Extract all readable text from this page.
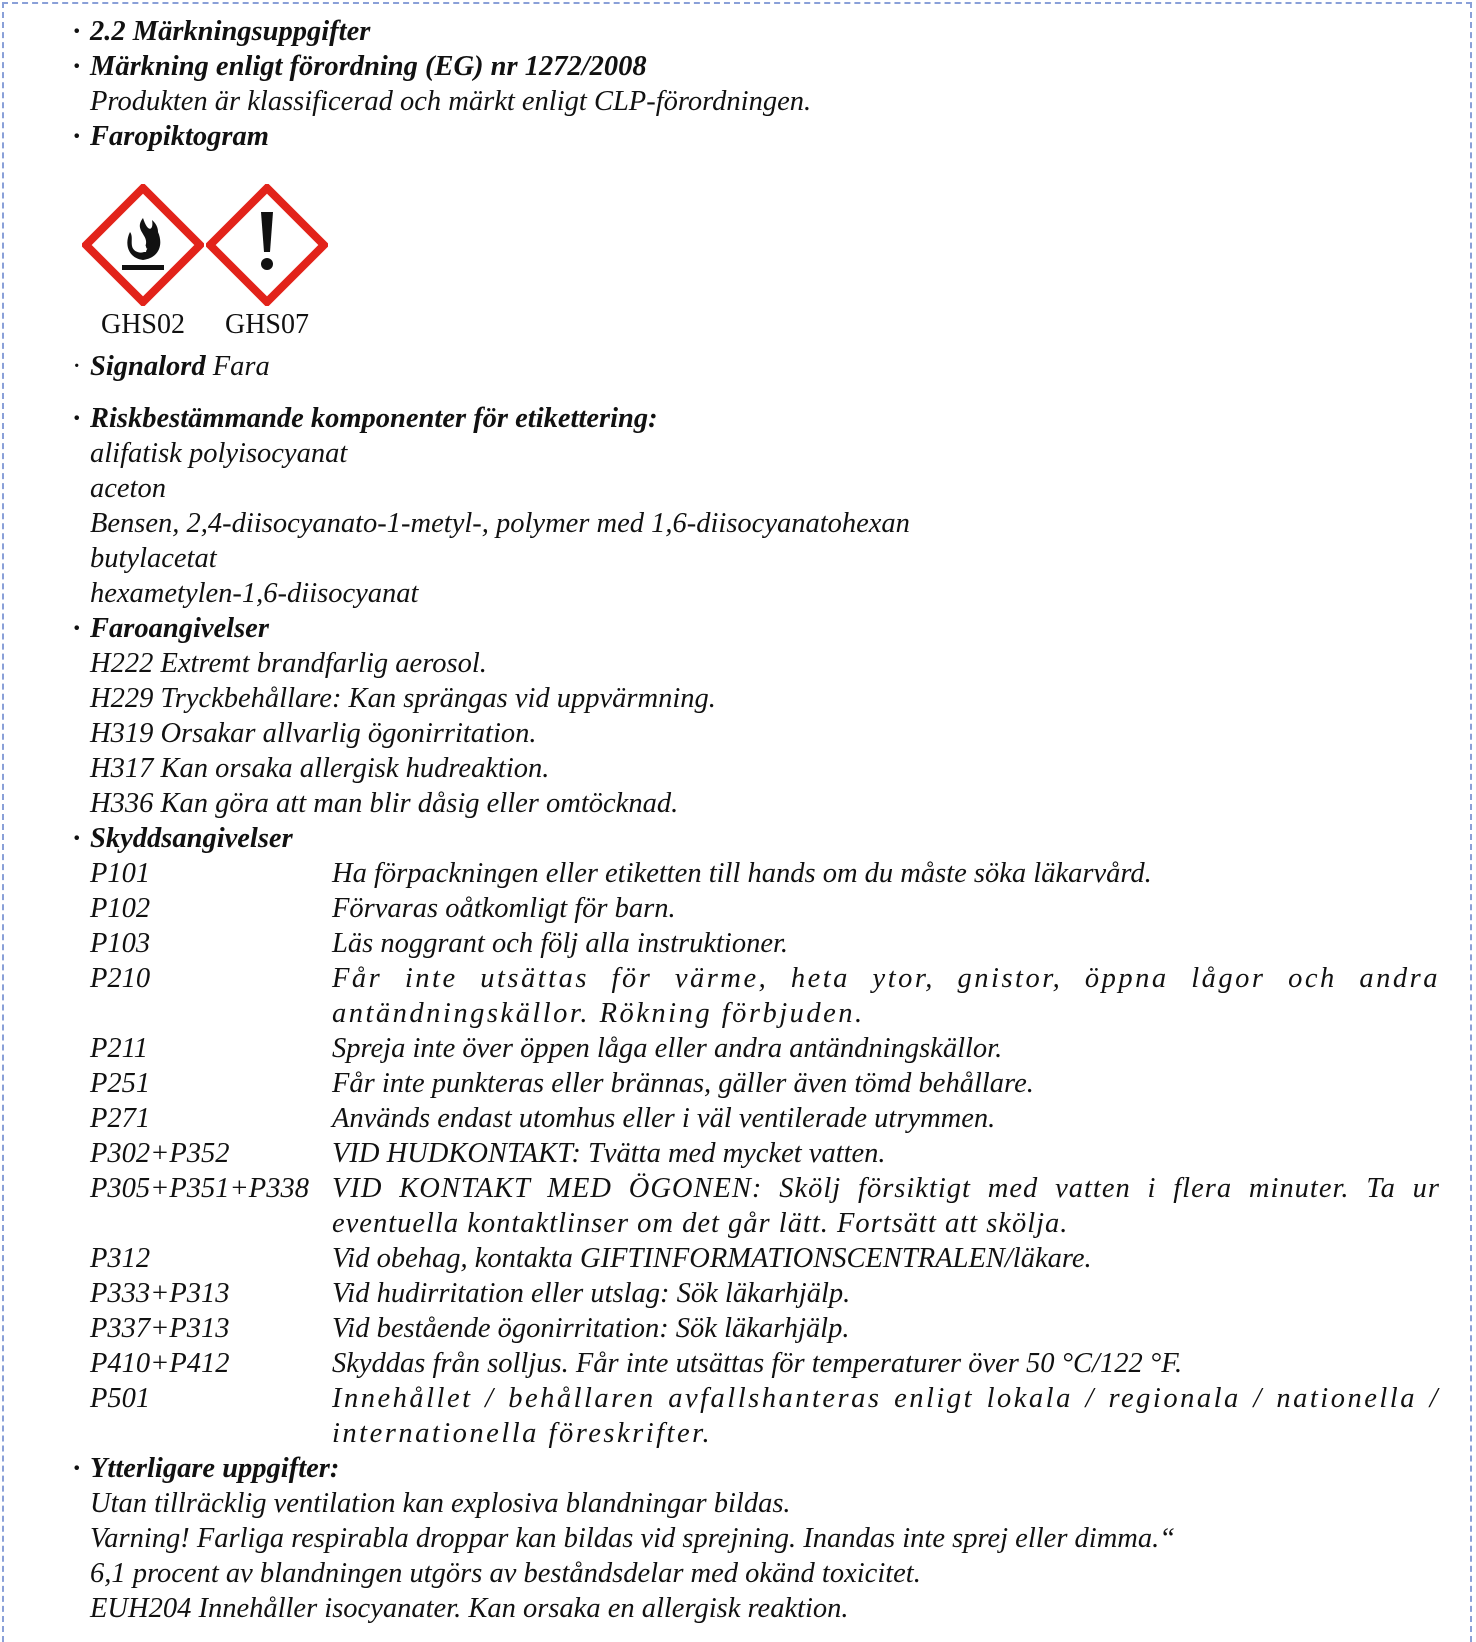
· 2.2 Märkningsuppgifter
· Märkning enligt förordning (EG) nr 1272/2008
Produkten är klassificerad och märkt enligt CLP-förordningen.
· Faropiktogram
GHS02	GHS07
· Signalord Fara
· Riskbestämmande komponenter för etikettering:
alifatisk polyisocyanat
aceton
Bensen, 2,4-diisocyanato-1-metyl-, polymer med 1,6-diisocyanatohexan
butylacetat
hexametylen-1,6-diisocyanat
· Faroangivelser
H222 Extremt brandfarlig aerosol.
H229 Tryckbehållare: Kan sprängas vid uppvärmning.
H319 Orsakar allvarlig ögonirritation.
H317 Kan orsaka allergisk hudreaktion.
H336 Kan göra att man blir dåsig eller omtöcknad.
· Skyddsangivelser
P101	Ha förpackningen eller etiketten till hands om du måste söka läkarvård.
P102	Förvaras oåtkomligt för barn.
P103	Läs noggrant och följ alla instruktioner.
P210	Får inte utsättas för värme, heta ytor, gnistor, öppna lågor och andra antändningskällor. Rökning förbjuden.
P211	Spreja inte över öppen låga eller andra antändningskällor.
P251	Får inte punkteras eller brännas, gäller även tömd behållare.
P271	Används endast utomhus eller i väl ventilerade utrymmen.
P302+P352	VID HUDKONTAKT: Tvätta med mycket vatten.
P305+P351+P338 VID KONTAKT MED ÖGONEN: Skölj försiktigt med vatten i flera minuter. Ta ur eventuella kontaktlinser om det går lätt. Fortsätt att skölja.
P312	Vid obehag, kontakta GIFTINFORMATIONSCENTRALEN/läkare.
P333+P313	Vid hudirritation eller utslag: Sök läkarhjälp.
P337+P313	Vid bestående ögonirritation: Sök läkarhjälp.
P410+P412	Skyddas från solljus. Får inte utsättas för temperaturer över 50 °C/122 °F.
P501	Innehållet / behållaren avfallshanteras enligt lokala / regionala / nationella / internationella föreskrifter.
· Ytterligare uppgifter:
Utan tillräcklig ventilation kan explosiva blandningar bildas.
Varning! Farliga respirabla droppar kan bildas vid sprejning. Inandas inte sprej eller dimma.“
6,1 procent av blandningen utgörs av beståndsdelar med okänd toxicitet.
EUH204 Innehåller isocyanater. Kan orsaka en allergisk reaktion.
